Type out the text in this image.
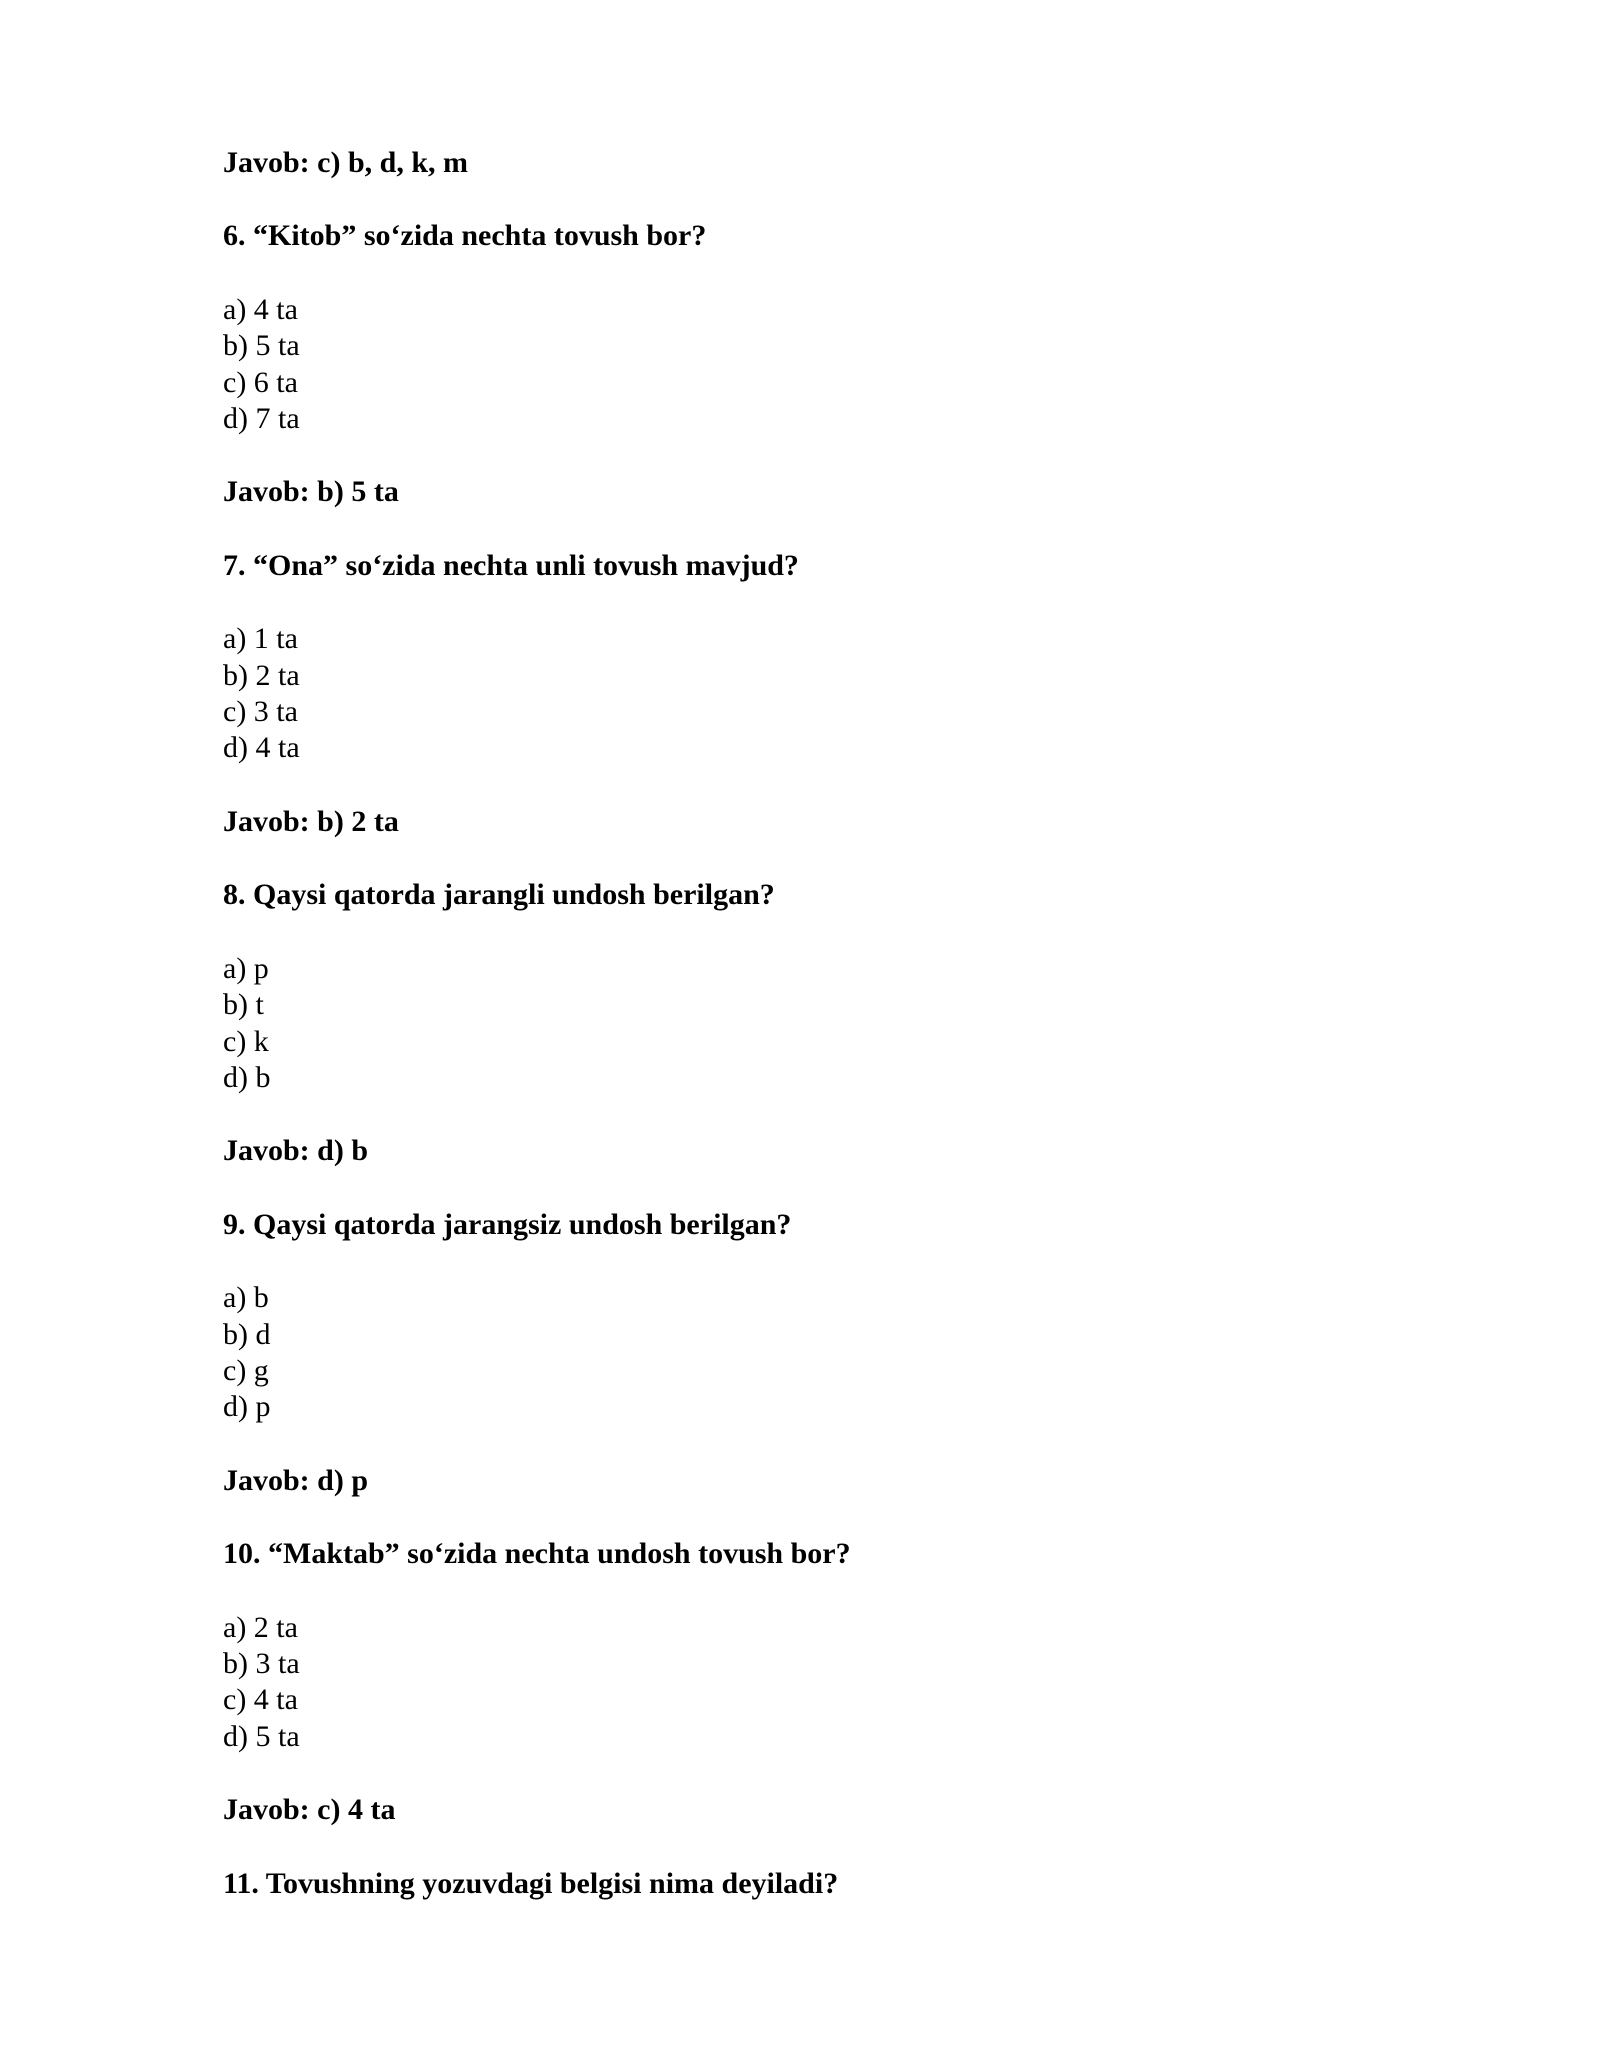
Javob: c) b, d, k, m

6. “Kitob” so‘zida nechta tovush bor?

a) 4 ta
b) 5 ta
c) 6 ta
d) 7 ta

Javob: b) 5 ta

7. “Ona” so‘zida nechta unli tovush mavjud?

a) 1 ta
b) 2 ta
c) 3 ta
d) 4 ta

Javob: b) 2 ta

8. Qaysi qatorda jarangli undosh berilgan?

a) p
b) t
c) k
d) b

Javob: d) b

9. Qaysi qatorda jarangsiz undosh berilgan?

a) b
b) d
c) g
d) p

Javob: d) p

10. “Maktab” so‘zida nechta undosh tovush bor?

a) 2 ta
b) 3 ta
c) 4 ta
d) 5 ta

Javob: c) 4 ta

11. Tovushning yozuvdagi belgisi nima deyiladi?
